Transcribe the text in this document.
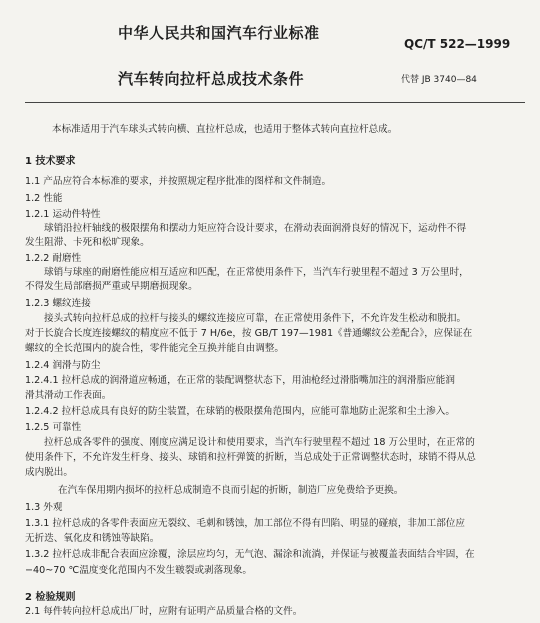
中华人民共和国汽车行业标准
QC/T 522—1999
汽车转向拉杆总成技术条件	代替 JB 3740—84
本标准适用于汽车球头式转向横、直拉杆总成，也适用于整体式转向直拉杆总成。
1 技术要求
1.1 产品应符合本标准的要求，并按照规定程序批准的图样和文件制造。
1.2 性能
1.2.1 运动件特性
球销沿拉杆轴线的极限摆角和摆动力矩应符合设计要求，在滑动表面润滑良好的情况下，运动件不得
发生阻滞、卡死和松旷现象。
1.2.2 耐磨性
球销与球座的耐磨性能应相互适应和匹配，在正常使用条件下，当汽车行驶里程不超过 3 万公里时，
不得发生局部磨损严重或早期磨损现象。
1.2.3 螺纹连接
接头式转向拉杆总成的拉杆与接头的螺纹连接应可靠，在正常使用条件下，不允许发生松动和脱扣。
对于长旋合长度连接螺纹的精度应不低于 7 H/6e，按 GB/T 197—1981《普通螺纹公差配合》，应保证在
螺纹的全长范围内的旋合性，零件能完全互换并能自由调整。
1.2.4 润滑与防尘
1.2.4.1 拉杆总成的润滑道应畅通，在正常的装配调整状态下，用油枪经过滑脂嘴加注的润滑脂应能润
滑其滑动工作表面。
1.2.4.2 拉杆总成具有良好的防尘装置，在球销的极限摆角范围内，应能可靠地防止泥浆和尘土渗入。
1.2.5 可靠性
拉杆总成各零件的强度、刚度应满足设计和使用要求，当汽车行驶里程不超过 18 万公里时，在正常的
使用条件下，不允许发生杆身、接头、球销和拉杆弹簧的折断，当总成处于正常调整状态时，球销不得从总
成内脱出。
在汽车保用期内损坏的拉杆总成制造不良而引起的折断，制造厂应免费给予更换。
1.3 外观
1.3.1 拉杆总成的各零件表面应无裂纹、毛刺和锈蚀，加工部位不得有凹陷、明显的碰痕，非加工部位应
无折迭、氧化皮和锈蚀等缺陷。
1.3.2 拉杆总成非配合表面应涂覆，涂层应均匀，无气泡、漏涂和流淌，并保证与被覆盖表面结合牢固，在
−40~70 ℃温度变化范围内不发生皲裂或剥落现象。
2 检验规则
2.1 每件转向拉杆总成出厂时，应附有证明产品质量合格的文件。
